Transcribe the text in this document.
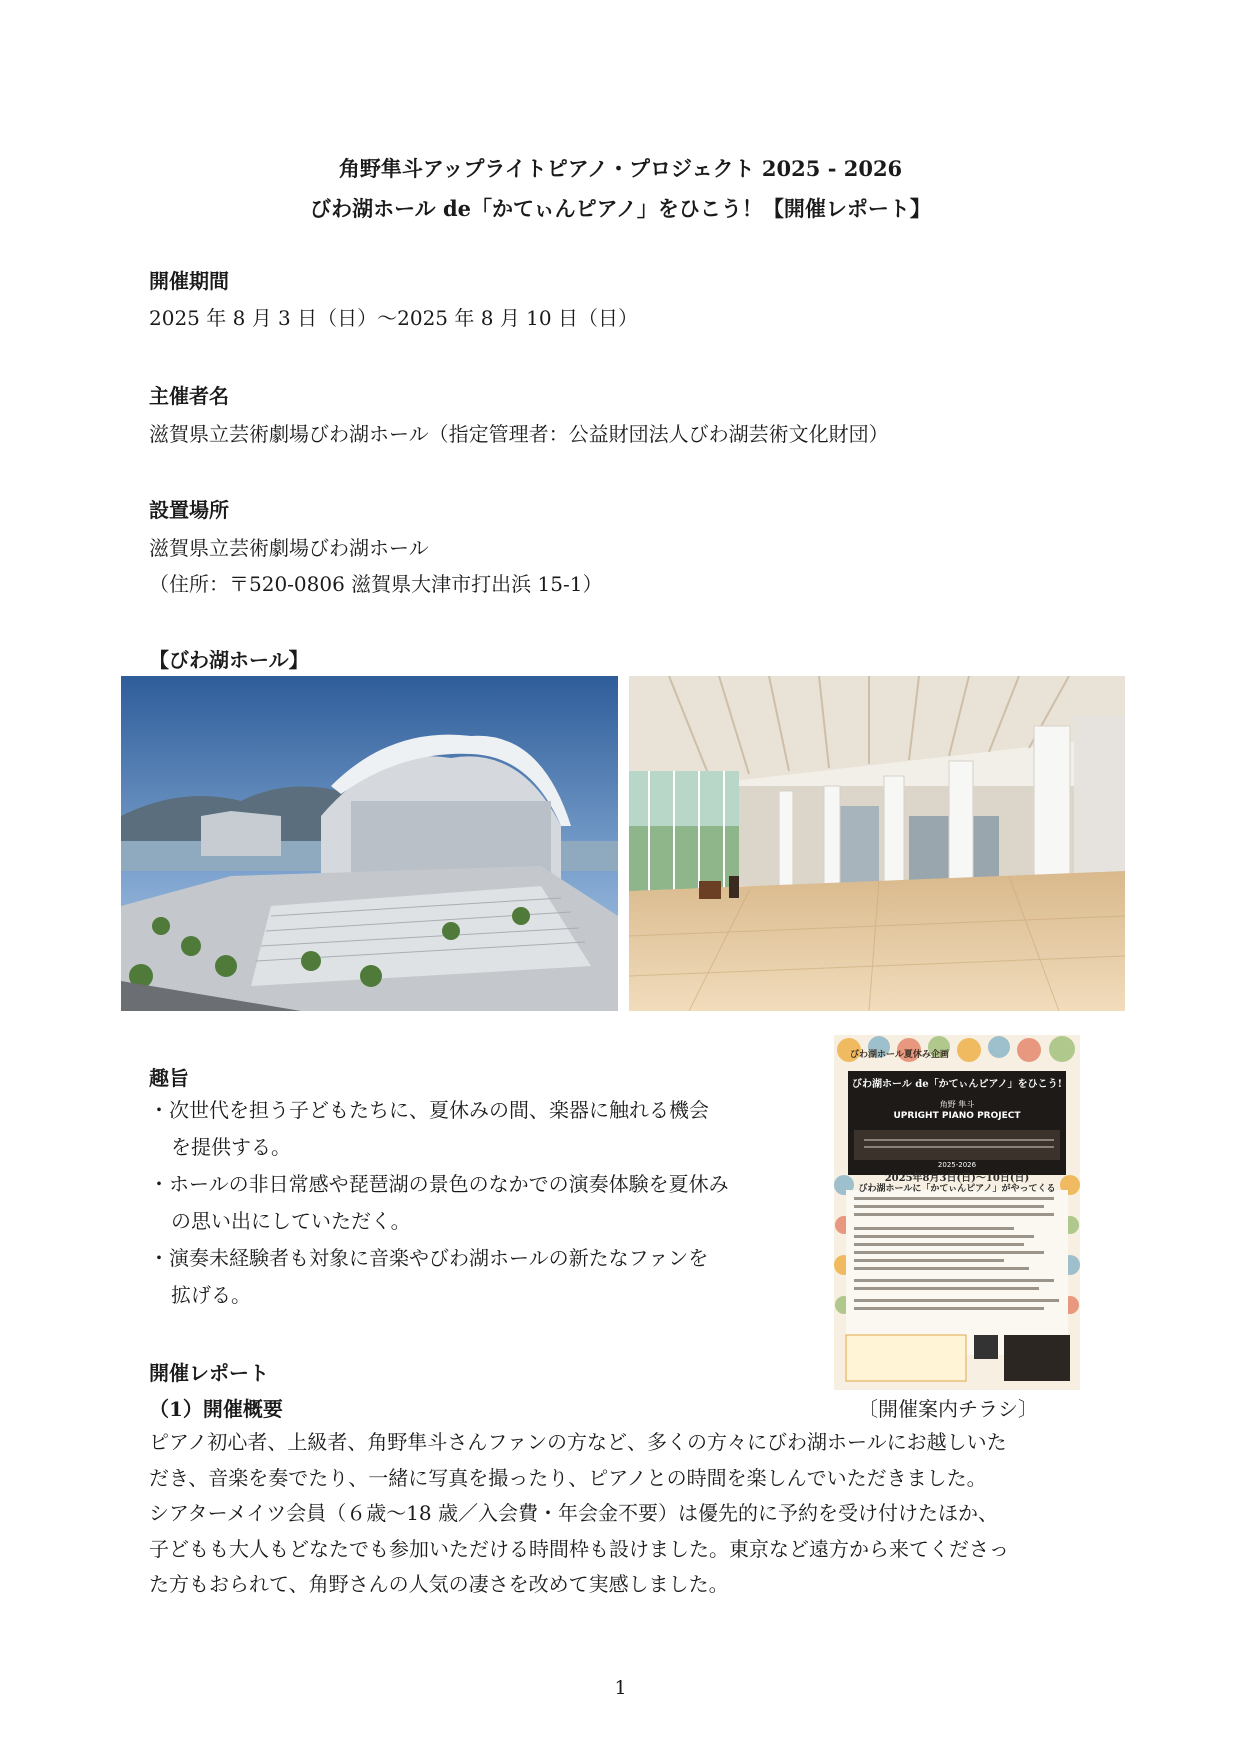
角野隼斗アップライトピアノ・プロジェクト 2025 - 2026
びわ湖ホール de「かてぃんピアノ」をひこう！【開催レポート】
開催期間
2025 年 8 月 3 日（日）〜2025 年 8 月 10 日（日）
主催者名
滋賀県立芸術劇場びわ湖ホール（指定管理者：公益財団法人びわ湖芸術文化財団）
設置場所
滋賀県立芸術劇場びわ湖ホール
（住所：〒520-0806 滋賀県大津市打出浜 15-1）
【びわ湖ホール】
趣旨
・次世代を担う子どもたちに、夏休みの間、楽器に触れる機会
を提供する。
・ホールの非日常感や琵琶湖の景色のなかでの演奏体験を夏休み
の思い出にしていただく。
・演奏未経験者も対象に音楽やびわ湖ホールの新たなファンを
拡げる。
びわ湖ホール夏休み企画
びわ湖ホール de「かてぃんピアノ」をひこう!
角野 隼斗
UPRIGHT PIANO PROJECT
2025-2026
2025年8月3日(日)〜10日(日)
びわ湖ホールに「かてぃんピアノ」がやってくる
〔開催案内チラシ〕
開催レポート
（1）開催概要
ピアノ初心者、上級者、角野隼斗さんファンの方など、多くの方々にびわ湖ホールにお越しいた
だき、音楽を奏でたり、一緒に写真を撮ったり、ピアノとの時間を楽しんでいただきました。
シアターメイツ会員（６歳〜18 歳／入会費・年会金不要）は優先的に予約を受け付けたほか、
子どもも大人もどなたでも参加いただける時間枠も設けました。東京など遠方から来てくださっ
た方もおられて、角野さんの人気の凄さを改めて実感しました。
1
